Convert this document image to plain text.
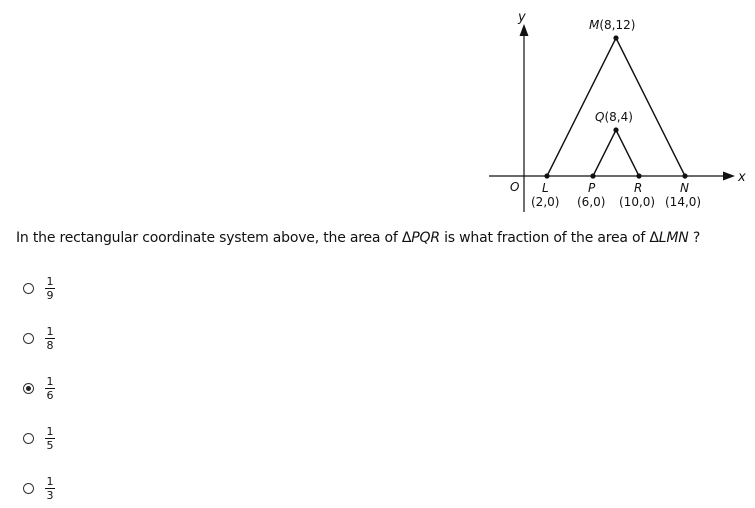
y
x
O
M(8,12)
Q(8,4)
L	P	R	N
(2,0) (6,0) (10,0) (14,0)
In the rectangular coordinate system above, the area of ΔPQR is what fraction of the area of ΔLMN ?
1
9
1
8
1
6
1
5
1
3
